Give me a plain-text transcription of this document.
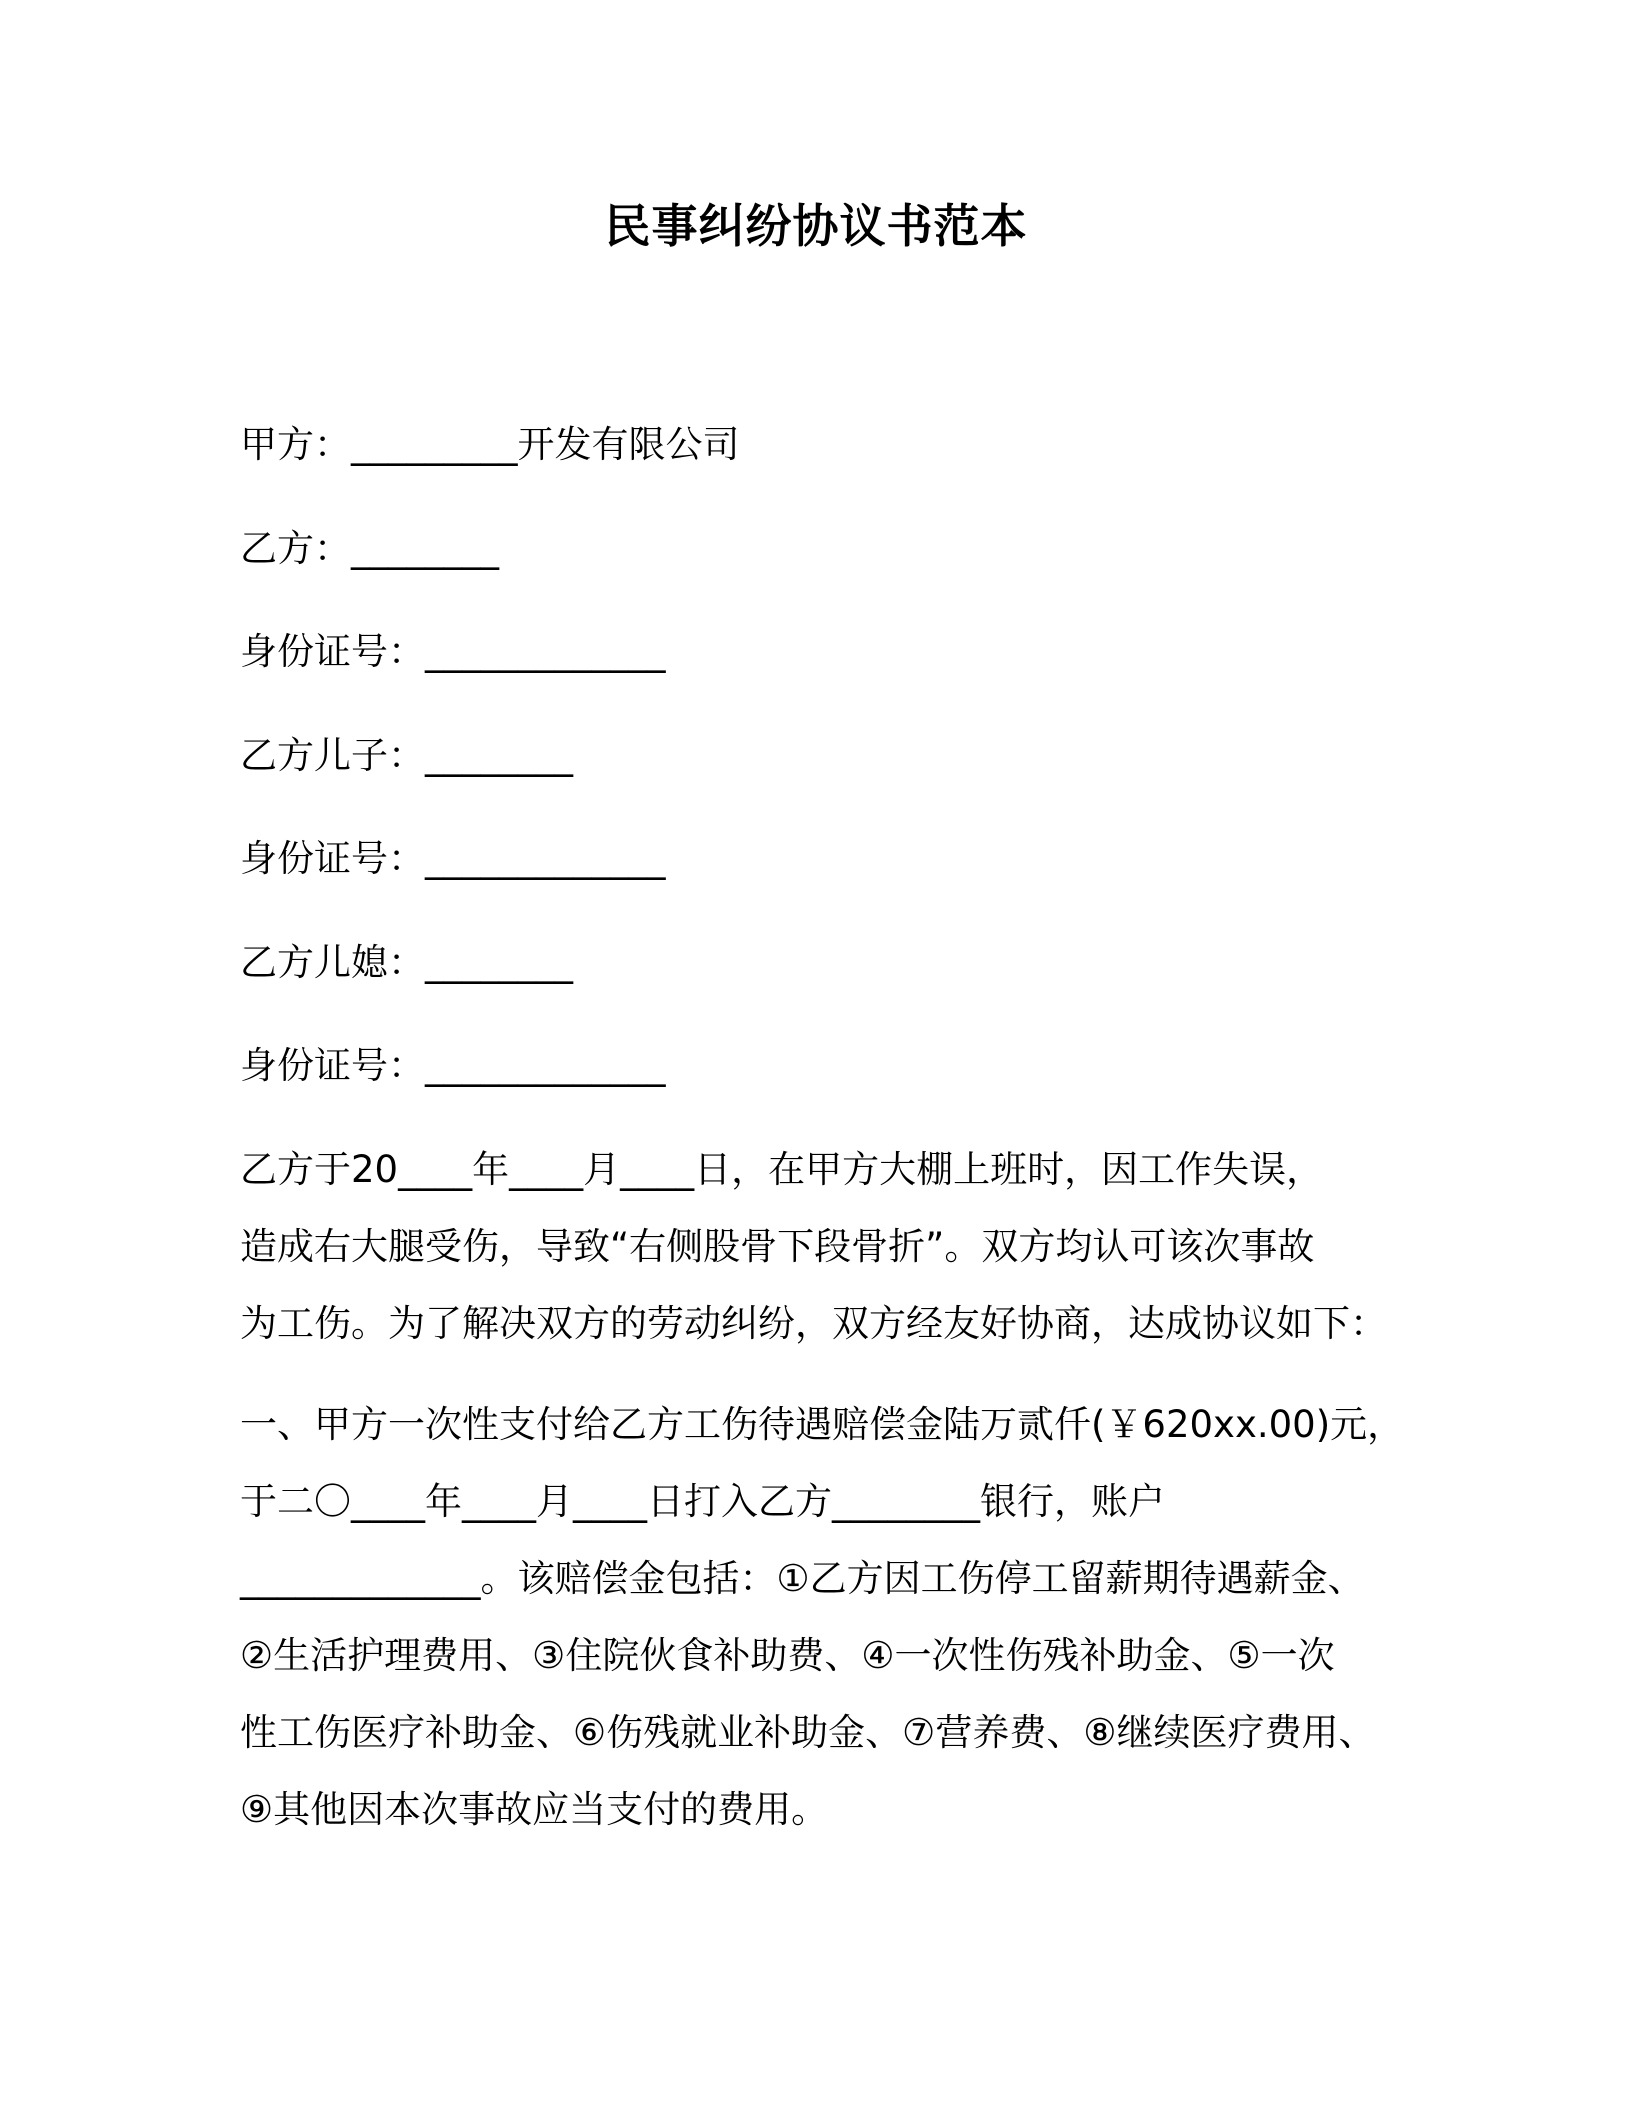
民事纠纷协议书范本
甲方：_________开发有限公司
乙方：________
身份证号：_____________
乙方儿子：________
身份证号：_____________
乙方儿媳：________
身份证号：_____________
乙方于20____年____月____日，在甲方大棚上班时，因工作失误，
造成右大腿受伤，导致“右侧股骨下段骨折”。双方均认可该次事故
为工伤。为了解决双方的劳动纠纷，双方经友好协商，达成协议如下：
一、甲方一次性支付给乙方工伤待遇赔偿金陆万贰仟(￥620xx.00)元，
于二〇____年____月____日打入乙方________银行，账户
_____________。该赔偿金包括：①乙方因工伤停工留薪期待遇薪金、
②生活护理费用、③住院伙食补助费、④一次性伤残补助金、⑤一次
性工伤医疗补助金、⑥伤残就业补助金、⑦营养费、⑧继续医疗费用、
⑨其他因本次事故应当支付的费用。
